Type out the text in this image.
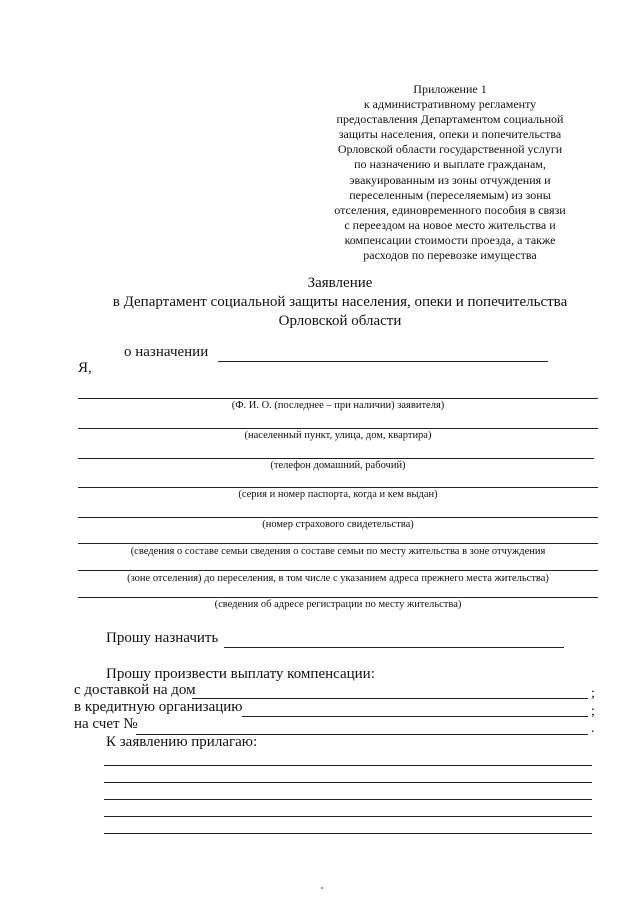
Приложение 1
к административному регламенту
предоставления Департаментом социальной
защиты населения, опеки и попечительства
Орловской области государственной услуги
по назначению и выплате гражданам,
эвакуированным из зоны отчуждения и
переселенным (переселяемым) из зоны
отселения, единовременного пособия в связи
с переездом на новое место жительства и
компенсации стоимости проезда, а также
расходов по перевозке имущества
Заявление
в Департамент социальной защиты населения, опеки и попечительства
Орловской области
о назначении
Я,
(Ф. И. О. (последнее – при наличии) заявителя)
(населенный пункт, улица, дом, квартира)
(телефон домашний, рабочий)
(серия и номер паспорта, когда и кем выдан)
(номер страхового свидетельства)
(сведения о составе семьи сведения о составе семьи по месту жительства в зоне отчуждения
(зоне отселения) до переселения, в том числе с указанием адреса прежнего места жительства)
(сведения об адресе регистрации по месту жительства)
Прошу назначить
Прошу произвести выплату компенсации:
с доставкой на дом	;
в кредитную организацию	;
на счет №	.
К заявлению прилагаю:
